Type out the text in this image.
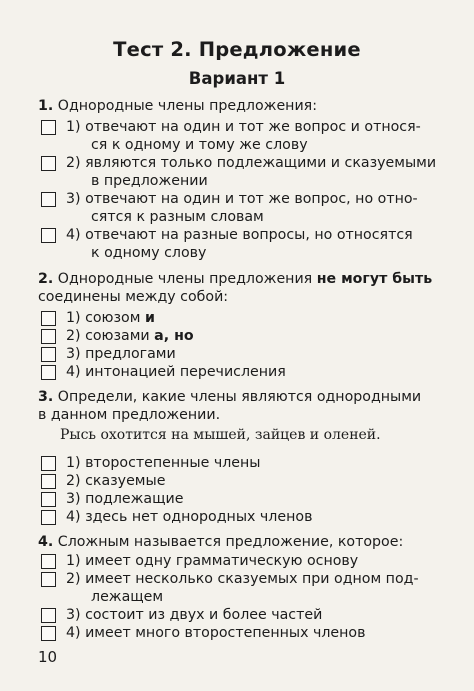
Тест 2. Предложение
Вариант 1
1. Однородные члены предложения:
1) отвечают на один и тот же вопрос и относя-
ся к одному и тому же слову
2) являются только подлежащими и сказуемыми
в предложении
3) отвечают на один и тот же вопрос, но отно-
сятся к разным словам
4) отвечают на разные вопросы, но относятся
к одному слову
2. Однородные члены предложения не могут быть
соединены между собой:
1) союзом и
2) союзами а, но
3) предлогами
4) интонацией перечисления
3. Определи, какие члены являются однородными
в данном предложении.
Рысь охотится на мышей, зайцев и оленей.
1) второстепенные члены
2) сказуемые
3) подлежащие
4) здесь нет однородных членов
4. Сложным называется предложение, которое:
1) имеет одну грамматическую основу
2) имеет несколько сказуемых при одном под-
лежащем
3) состоит из двух и более частей
4) имеет много второстепенных членов
10
